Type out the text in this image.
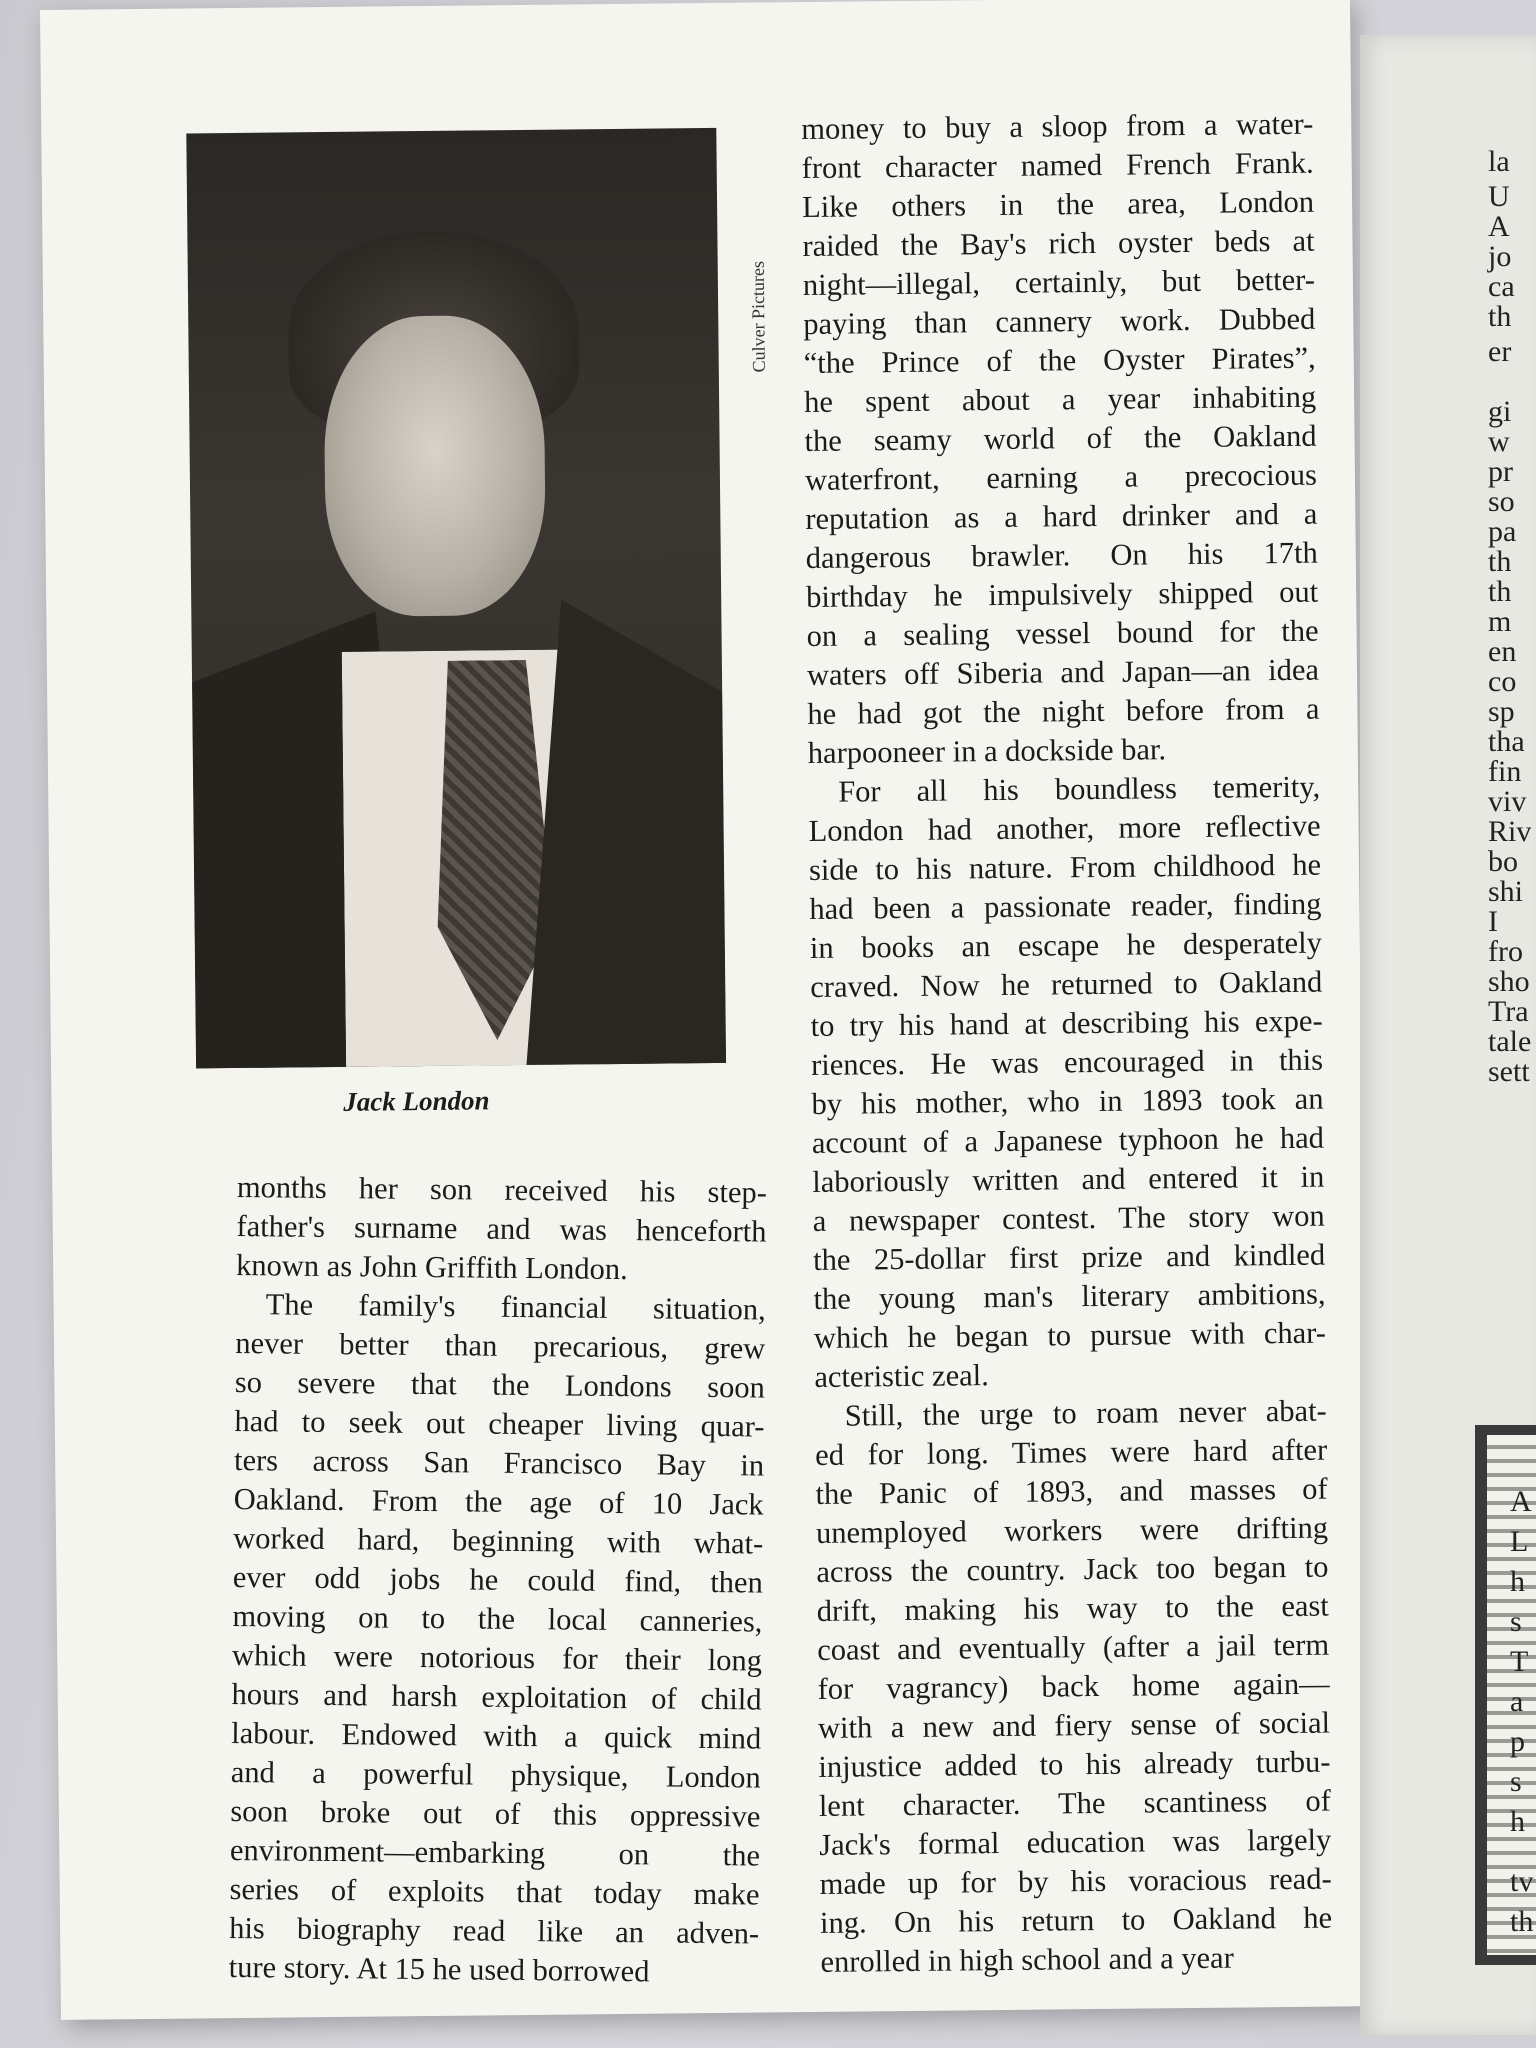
Culver Pictures
Jack London
months her son received his step-
father's surname and was henceforth
known as John Griffith London.
The family's financial situation,
never better than precarious, grew
so severe that the Londons soon
had to seek out cheaper living quar-
ters across San Francisco Bay in
Oakland. From the age of 10 Jack
worked hard, beginning with what-
ever odd jobs he could find, then
moving on to the local canneries,
which were notorious for their long
hours and harsh exploitation of child
labour. Endowed with a quick mind
and a powerful physique, London
soon broke out of this oppressive
environment—embarking on the
series of exploits that today make
his biography read like an adven-
ture story. At 15 he used borrowed
money to buy a sloop from a water-
front character named French Frank.
Like others in the area, London
raided the Bay's rich oyster beds at
night—illegal, certainly, but better-
paying than cannery work. Dubbed
“the Prince of the Oyster Pirates”,
he spent about a year inhabiting
the seamy world of the Oakland
waterfront, earning a precocious
reputation as a hard drinker and a
dangerous brawler. On his 17th
birthday he impulsively shipped out
on a sealing vessel bound for the
waters off Siberia and Japan—an idea
he had got the night before from a
harpooneer in a dockside bar.
For all his boundless temerity,
London had another, more reflective
side to his nature. From childhood he
had been a passionate reader, finding
in books an escape he desperately
craved. Now he returned to Oakland
to try his hand at describing his expe-
riences. He was encouraged in this
by his mother, who in 1893 took an
account of a Japanese typhoon he had
laboriously written and entered it in
a newspaper contest. The story won
the 25-dollar first prize and kindled
the young man's literary ambitions,
which he began to pursue with char-
acteristic zeal.
Still, the urge to roam never abat-
ed for long. Times were hard after
the Panic of 1893, and masses of
unemployed workers were drifting
across the country. Jack too began to
drift, making his way to the east
coast and eventually (after a jail term
for vagrancy) back home again—
with a new and fiery sense of social
injustice added to his already turbu-
lent character. The scantiness of
Jack's formal education was largely
made up for by his voracious read-
ing. On his return to Oakland he
enrolled in high school and a year
la
U
A
jo
ca
th
er
gi
w
pr
so
pa
th
th
m
en
co
sp
tha
fin
viv
Riv
bo
shi
I
fro
sho
Tra
tale
sett
A
L
h
s
T
a
p
s
h
tv
th
